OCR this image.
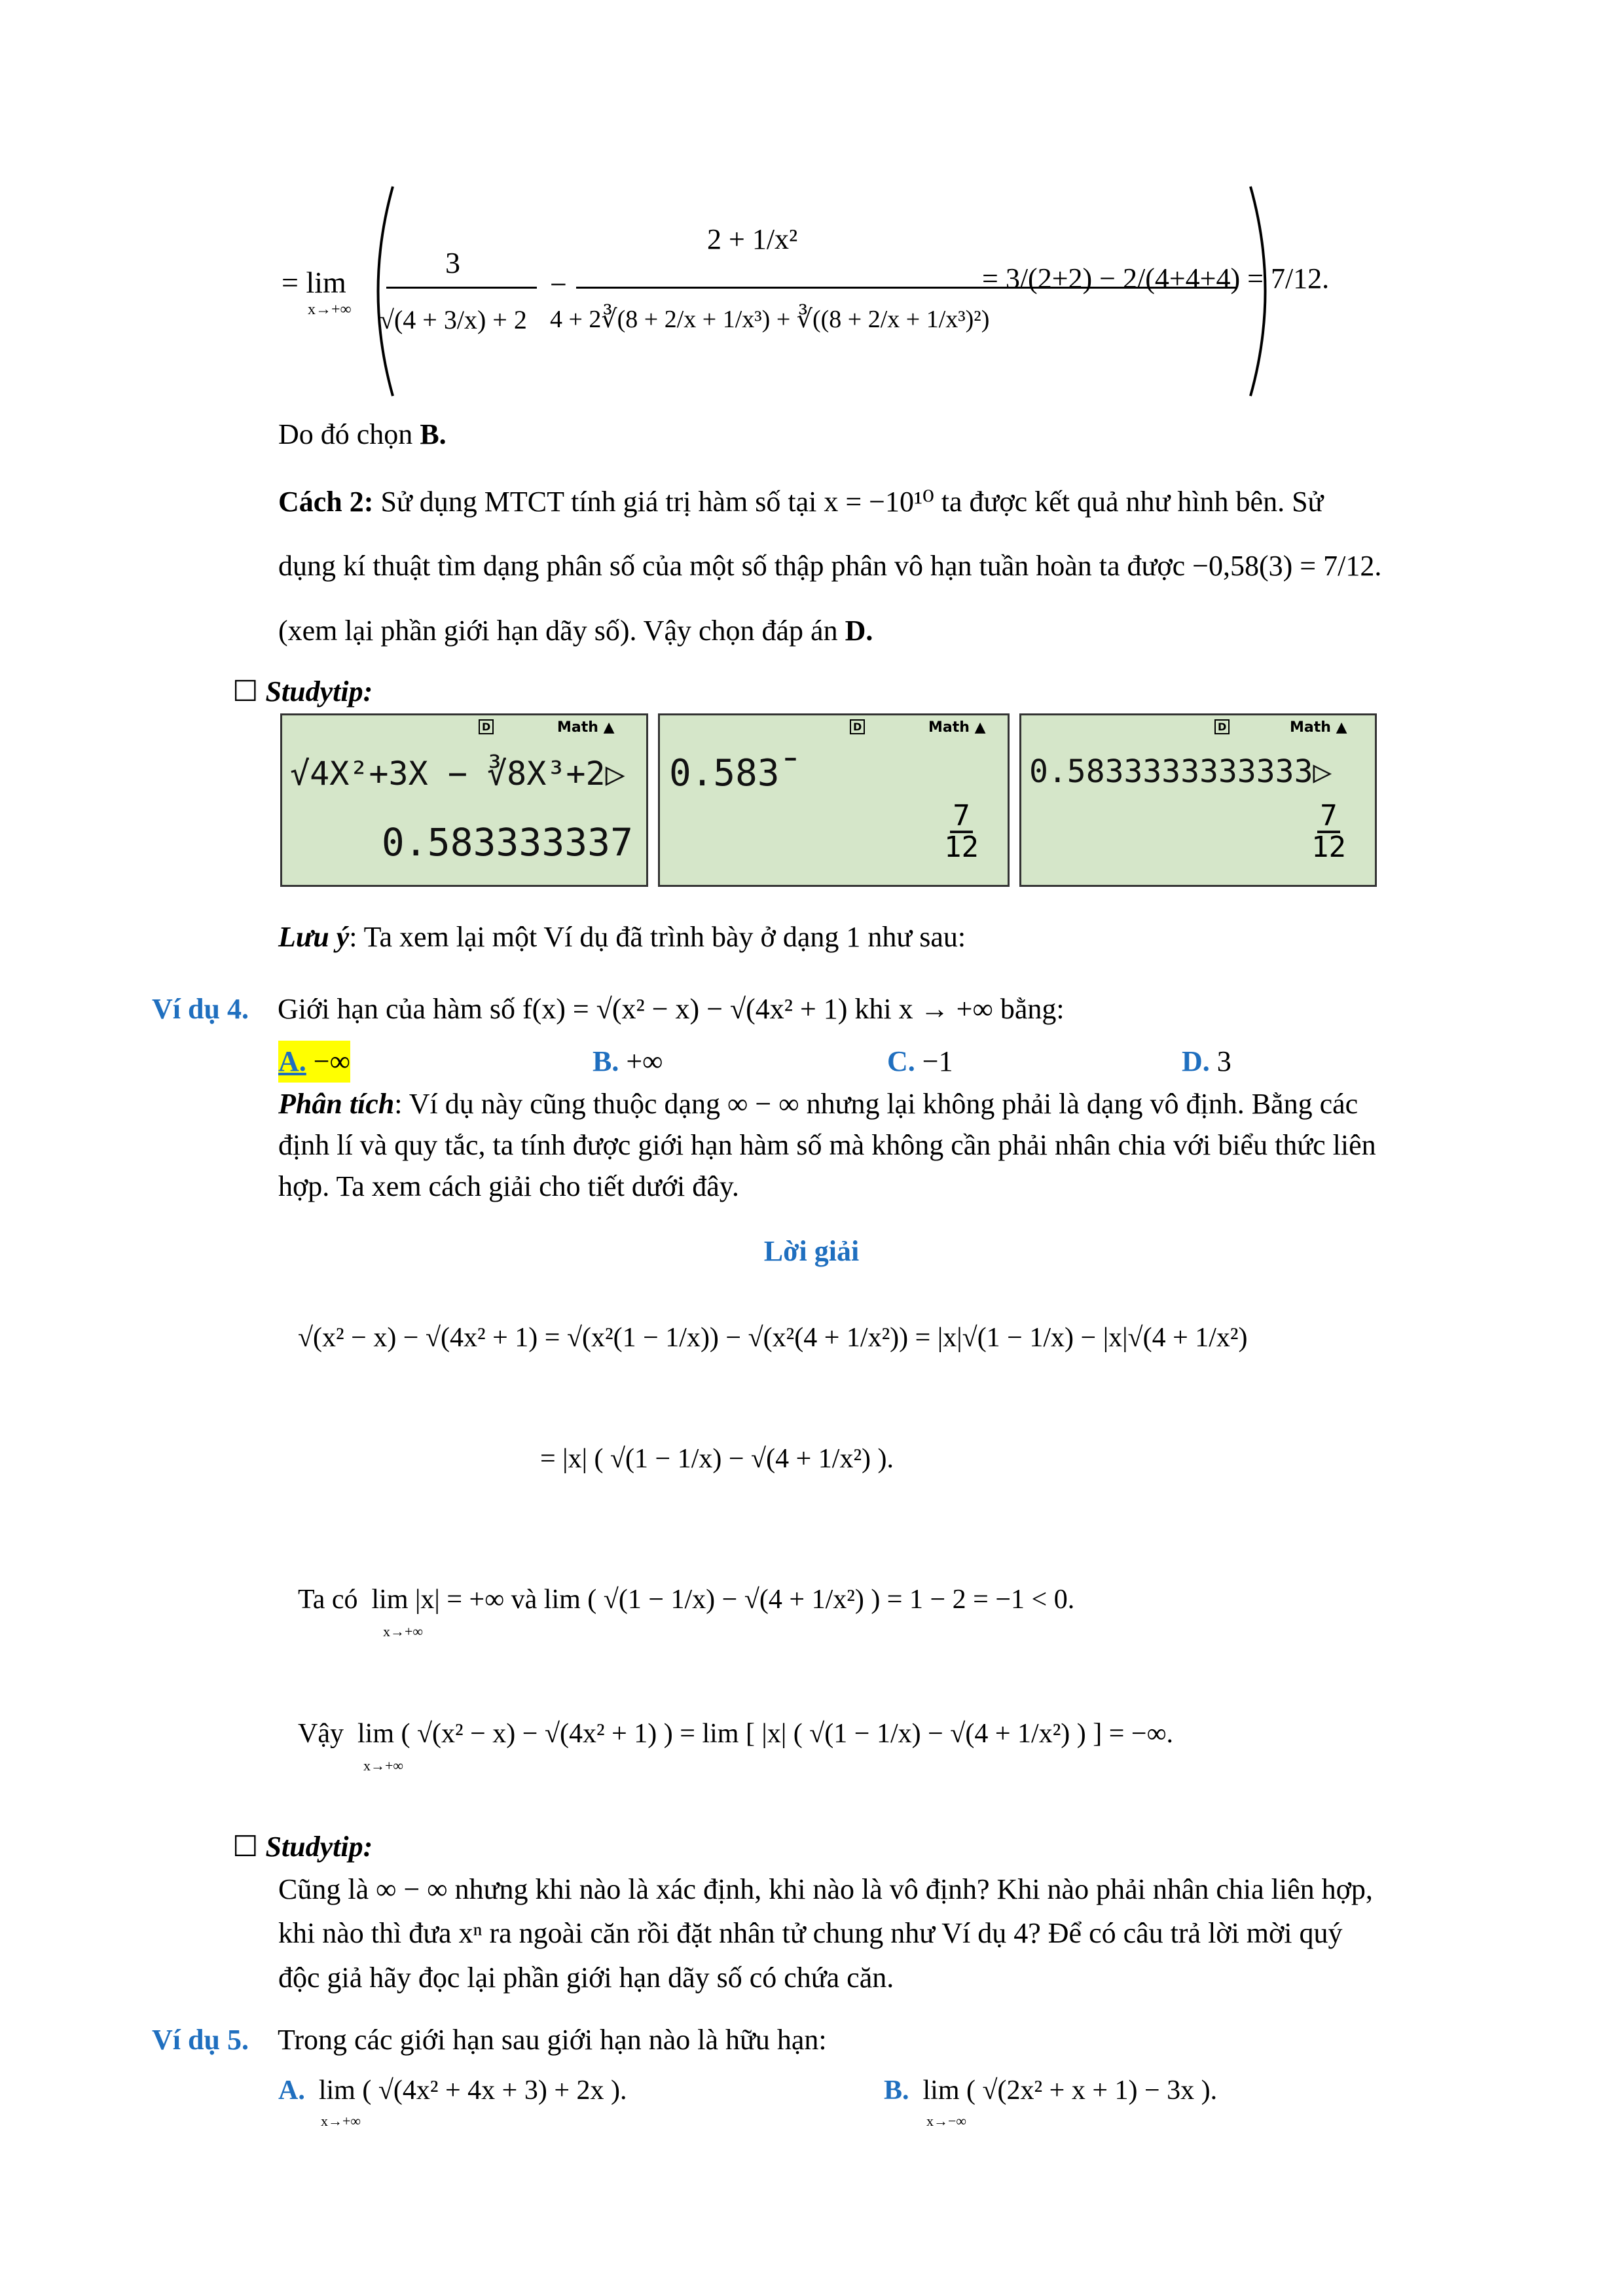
= lim
x→+∞
3
√(4 + 3/x) + 2
−
2 + 1/x²
4 + 2∛(8 + 2/x + 1/x³) + ∛((8 + 2/x + 1/x³)²)
= 3/(2+2) − 2/(4+4+4) = 7/12.
Do đó chọn B.
Cách 2: Sử dụng MTCT tính giá trị hàm số tại x = −10¹⁰ ta được kết quả như hình bên. Sử
dụng kí thuật tìm dạng phân số của một số thập phân vô hạn tuần hoàn ta được −0,58(3) = 7/12.
(xem lại phần giới hạn dãy số). Vậy chọn đáp án D.
☐ Studytip:
D	Math ▲
√4X²+3X − ∛8X³+2▷
0.583333337
D	Math ▲
0.583̄
$\frac{7}{12}$
D	Math ▲
0.5833333333333▷
$\frac{7}{12}$
Lưu ý: Ta xem lại một Ví dụ đã trình bày ở dạng 1 như sau:
Ví dụ 4. Giới hạn của hàm số f(x) = √(x² − x) − √(4x² + 1) khi x → +∞ bằng:
A. −∞	B. +∞	C. −1	D. 3
Phân tích: Ví dụ này cũng thuộc dạng ∞ − ∞ nhưng lại không phải là dạng vô định. Bằng các
định lí và quy tắc, ta tính được giới hạn hàm số mà không cần phải nhân chia với biểu thức liên
hợp. Ta xem cách giải cho tiết dưới đây.
Lời giải
√(x² − x) − √(4x² + 1) = √(x²(1 − 1/x)) − √(x²(4 + 1/x²)) = |x|√(1 − 1/x) − |x|√(4 + 1/x²)
= |x| ( √(1 − 1/x) − √(4 + 1/x²) ).
Ta có lim |x| = +∞ và lim ( √(1 − 1/x) − √(4 + 1/x²) ) = 1 − 2 = −1 < 0.
x→+∞
Vậy lim ( √(x² − x) − √(4x² + 1) ) = lim [ |x| ( √(1 − 1/x) − √(4 + 1/x²) ) ] = −∞.
x→+∞
☐ Studytip:
Cũng là ∞ − ∞ nhưng khi nào là xác định, khi nào là vô định? Khi nào phải nhân chia liên hợp,
khi nào thì đưa xⁿ ra ngoài căn rồi đặt nhân tử chung như Ví dụ 4? Để có câu trả lời mời quý
độc giả hãy đọc lại phần giới hạn dãy số có chứa căn.
Ví dụ 5. Trong các giới hạn sau giới hạn nào là hữu hạn:
A. lim ( √(4x² + 4x + 3) + 2x ).
x→+∞
B. lim ( √(2x² + x + 1) − 3x ).
x→−∞
